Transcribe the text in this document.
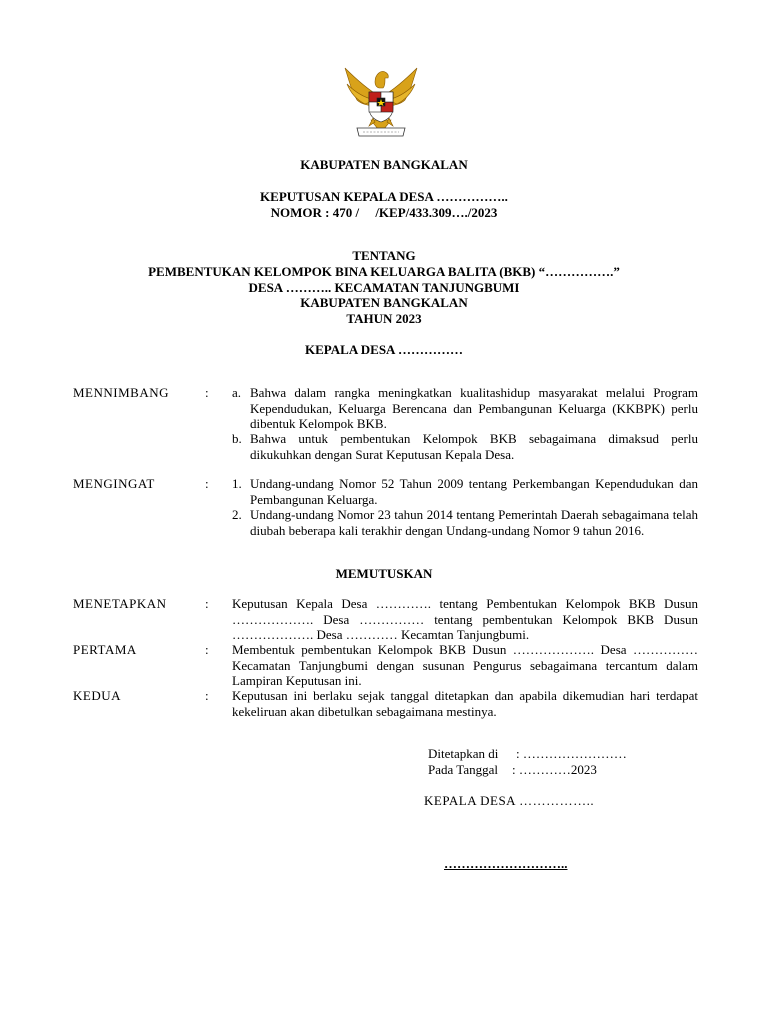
KABUPATEN BANGKALAN
KEPUTUSAN KEPALA DESA ……………..
NOMOR : 470 /     /KEP/433.309…./2023
TENTANG
PEMBENTUKAN KELOMPOK BINA KELUARGA BALITA (BKB) “…………….”
DESA ……….. KECAMATAN TANJUNGBUMI
KABUPATEN BANGKALAN
TAHUN 2023
KEPALA DESA ……………
MENNIMBANG	: a. Bahwa dalam rangka meningkatkan kualitashidup masyarakat melalui Program Kependudukan, Keluarga Berencana dan Pembangunan Keluarga (KKBPK) perlu dibentuk Kelompok BKB.
b. Bahwa untuk pembentukan Kelompok BKB sebagaimana dimaksud perlu dikukuhkan dengan Surat Keputusan Kepala Desa.
MENGINGAT	: 1. Undang-undang Nomor 52 Tahun 2009 tentang Perkembangan Kependudukan dan Pembangunan Keluarga.
2. Undang-undang Nomor 23 tahun 2014 tentang Pemerintah Daerah sebagaimana telah diubah beberapa kali terakhir dengan Undang-undang Nomor 9 tahun 2016.
MEMUTUSKAN
MENETAPKAN	: Keputusan Kepala Desa …………. tentang Pembentukan Kelompok BKB Dusun ………………. Desa …………… tentang pembentukan Kelompok BKB Dusun ………………. Desa ………… Kecamtan Tanjungbumi.
PERTAMA	: Membentuk pembentukan Kelompok BKB Dusun ………………. Desa …………… Kecamatan Tanjungbumi dengan susunan Pengurus sebagaimana tercantum dalam Lampiran Keputusan ini.
KEDUA	: Keputusan ini berlaku sejak tanggal ditetapkan dan apabila dikemudian hari terdapat kekeliruan akan dibetulkan sebagaimana mestinya.
Ditetapkan di : ……………………
Pada Tanggal : …………2023
KEPALA DESA ……………..
………………………..
